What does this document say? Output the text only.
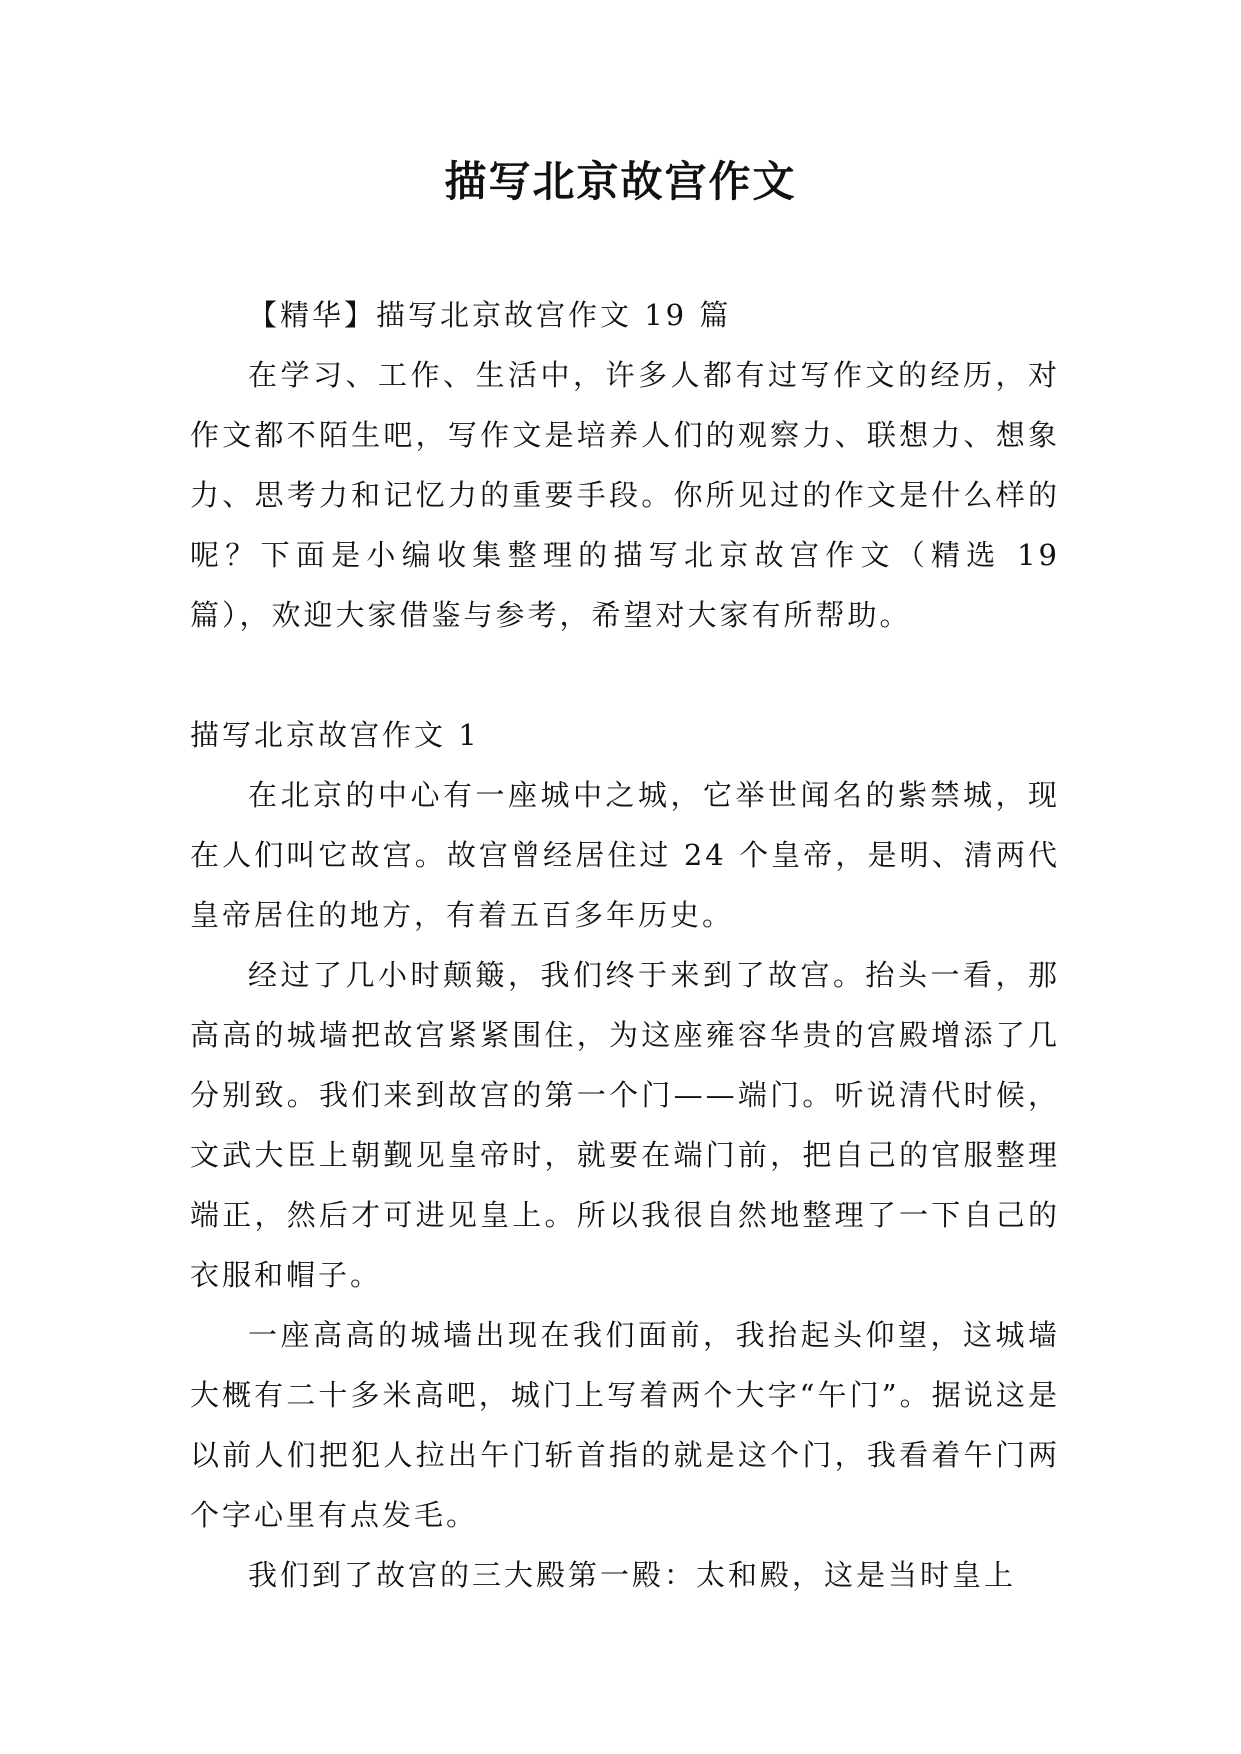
描写北京故宫作文

【精华】描写北京故宫作文 19 篇

在学习、工作、生活中，许多人都有过写作文的经历，对作文都不陌生吧，写作文是培养人们的观察力、联想力、想象力、思考力和记忆力的重要手段。你所见过的作文是什么样的呢？下面是小编收集整理的描写北京故宫作文（精选 19 篇），欢迎大家借鉴与参考，希望对大家有所帮助。

描写北京故宫作文 1

在北京的中心有一座城中之城，它举世闻名的紫禁城，现在人们叫它故宫。故宫曾经居住过 24 个皇帝，是明、清两代皇帝居住的地方，有着五百多年历史。

经过了几小时颠簸，我们终于来到了故宫。抬头一看，那高高的城墙把故宫紧紧围住，为这座雍容华贵的宫殿增添了几分别致。我们来到故宫的第一个门——端门。听说清代时候，文武大臣上朝觐见皇帝时，就要在端门前，把自己的官服整理端正，然后才可进见皇上。所以我很自然地整理了一下自己的衣服和帽子。

一座高高的城墙出现在我们面前，我抬起头仰望，这城墙大概有二十多米高吧，城门上写着两个大字“午门”。据说这是以前人们把犯人拉出午门斩首指的就是这个门，我看着午门两个字心里有点发毛。

我们到了故宫的三大殿第一殿：太和殿，这是当时皇上
